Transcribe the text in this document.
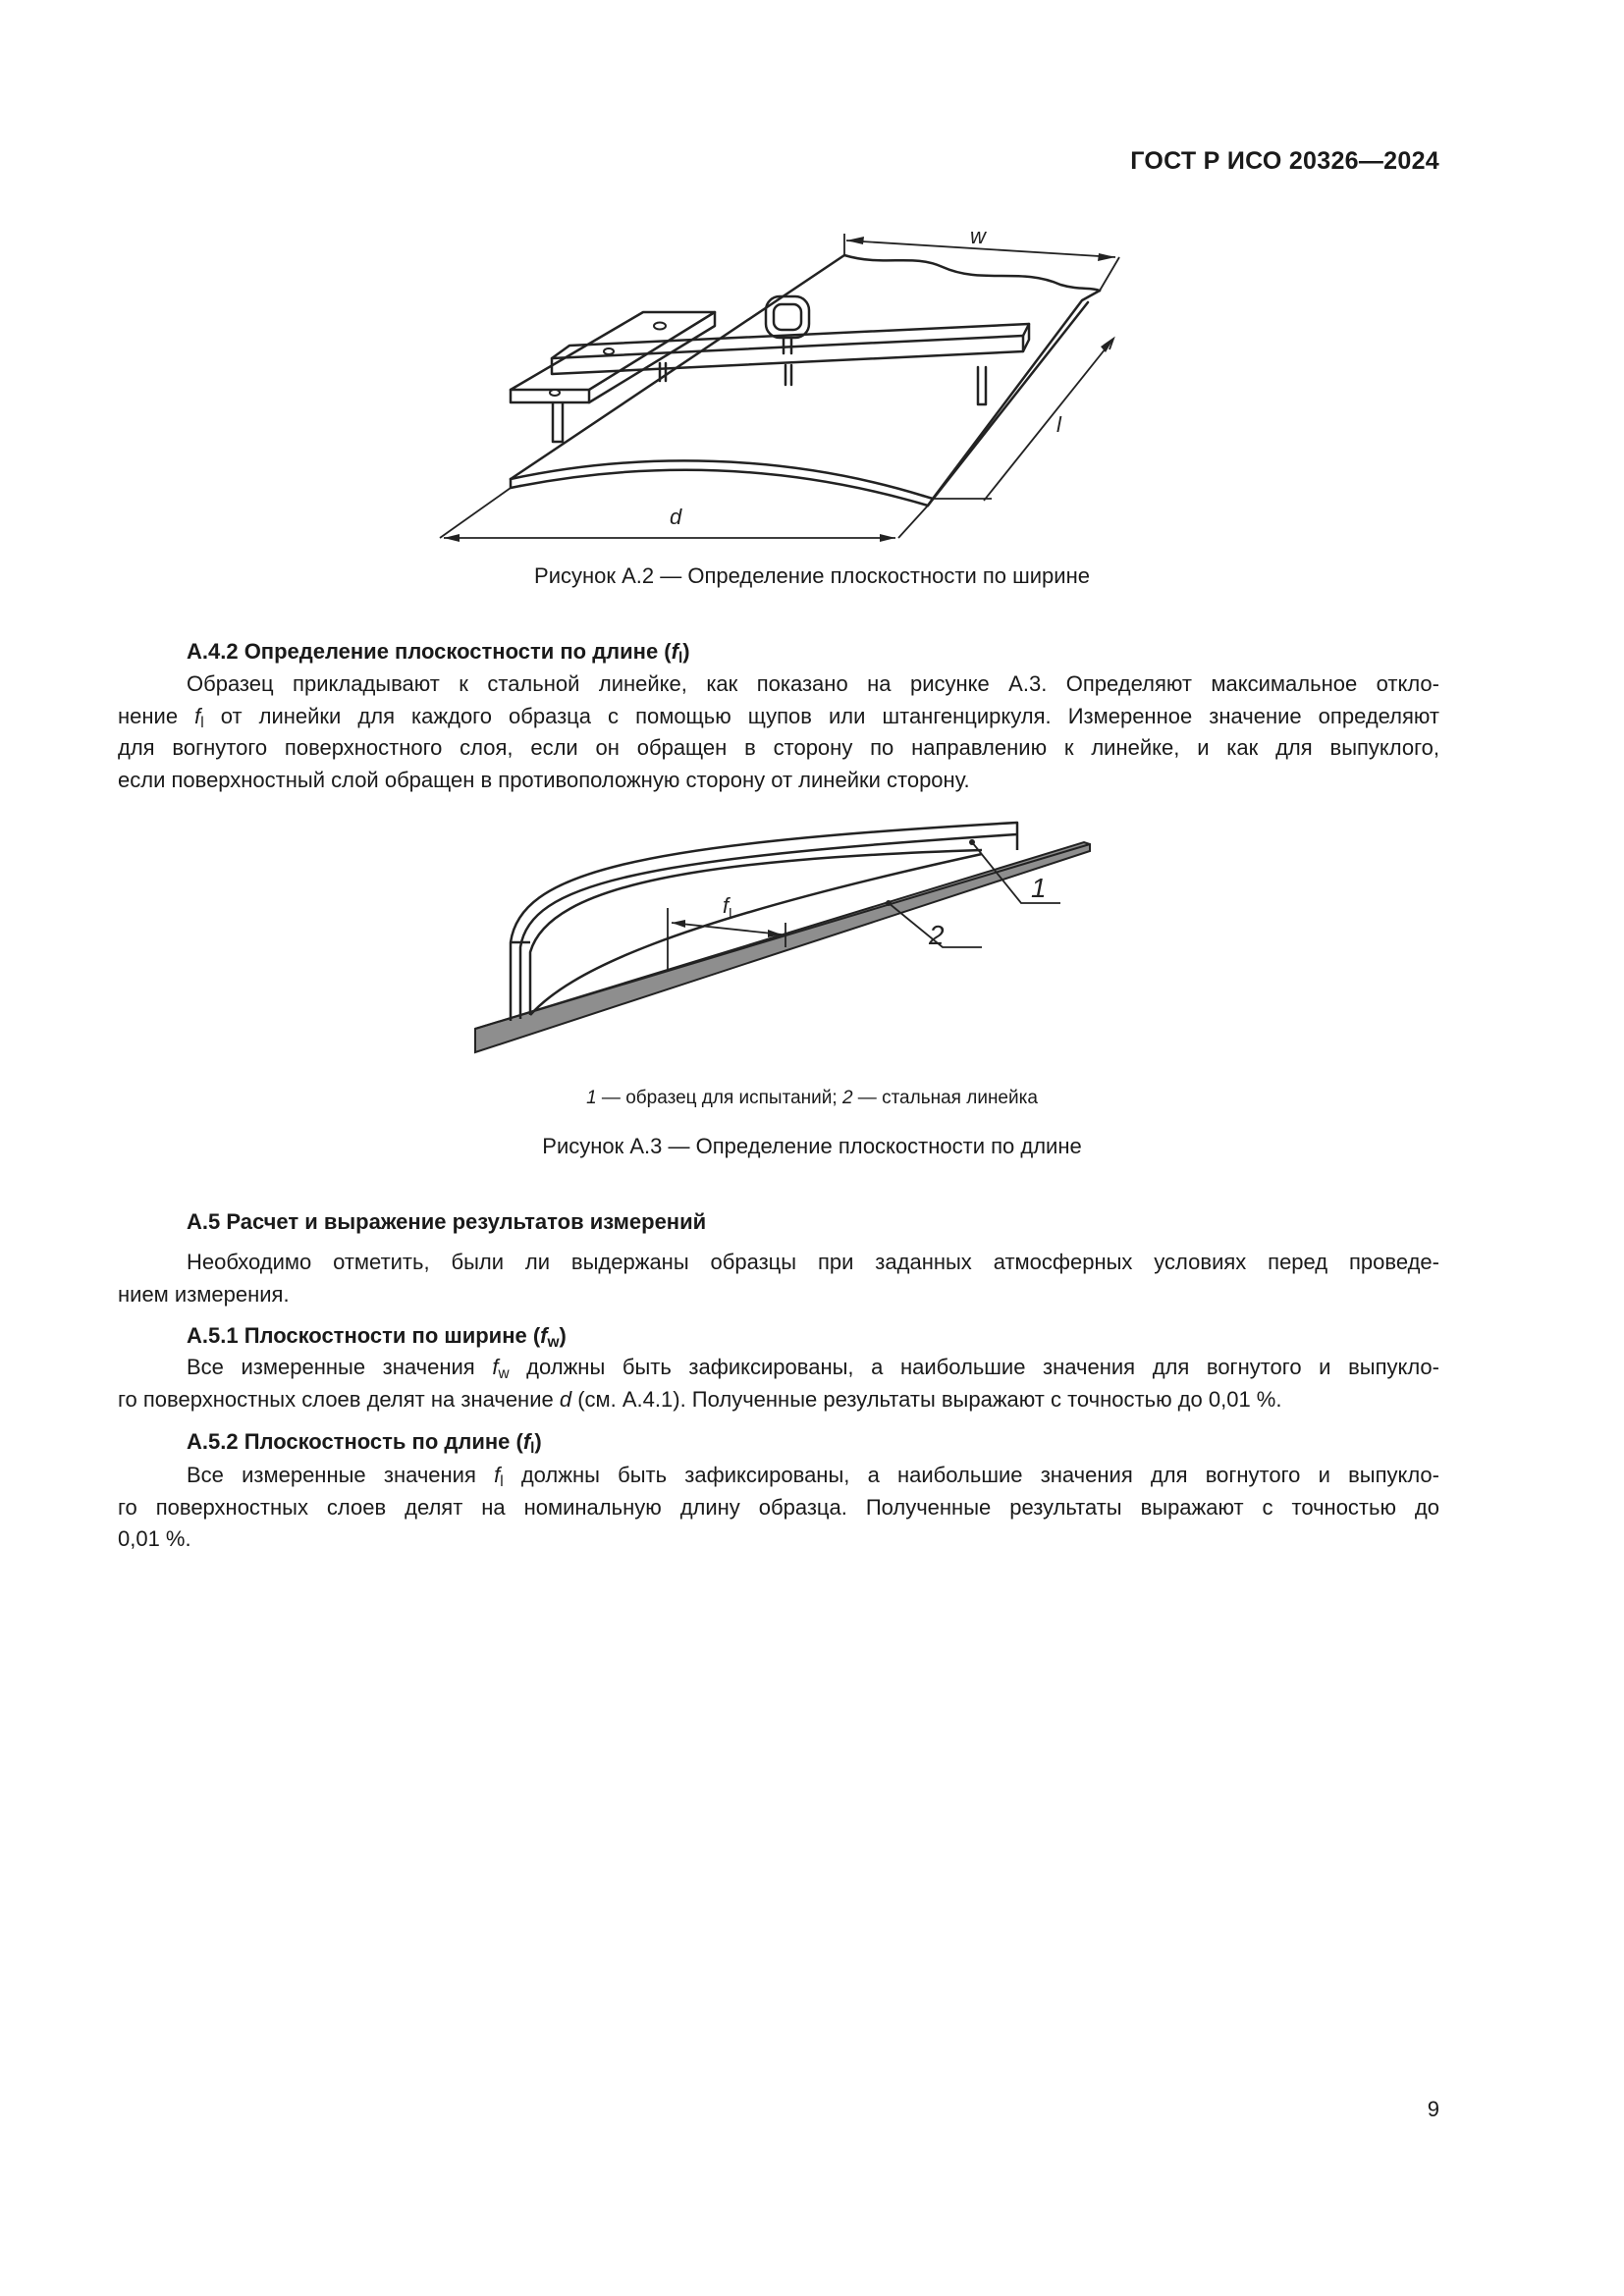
ГОСТ Р ИСО 20326—2024
w
l
d
Рисунок А.2 — Определение плоскостности по ширине
А.4.2 Определение плоскостности по длине $(f_l)$
Образец прикладывают к стальной линейке, как показано на рисунке А.3. Определяют максимальное откло-
нение $f_l$ от линейки для каждого образца с помощью щупов или штангенциркуля. Измеренное значение определяют
для вогнутого поверхностного слоя, если он обращен в сторону по направлению к линейке, и как для выпуклого,
если поверхностный слой обращен в противоположную сторону от линейки сторону.
$f_l$
1
2
1 — образец для испытаний; 2 — стальная линейка
Рисунок А.3 — Определение плоскостности по длине
А.5 Расчет и выражение результатов измерений
Необходимо отметить, были ли выдержаны образцы при заданных атмосферных условиях перед проведе-
нием измерения.
А.5.1 Плоскостности по ширине $(f_w)$
Все измеренные значения $f_w$ должны быть зафиксированы, а наибольшие значения для вогнутого и выпукло-
го поверхностных слоев делят на значение d (см. А.4.1). Полученные результаты выражают с точностью до 0,01 %.
А.5.2 Плоскостность по длине $(f_l)$
Все измеренные значения $f_l$ должны быть зафиксированы, а наибольшие значения для вогнутого и выпукло-
го поверхностных слоев делят на номинальную длину образца. Полученные результаты выражают с точностью до
0,01 %.
9
